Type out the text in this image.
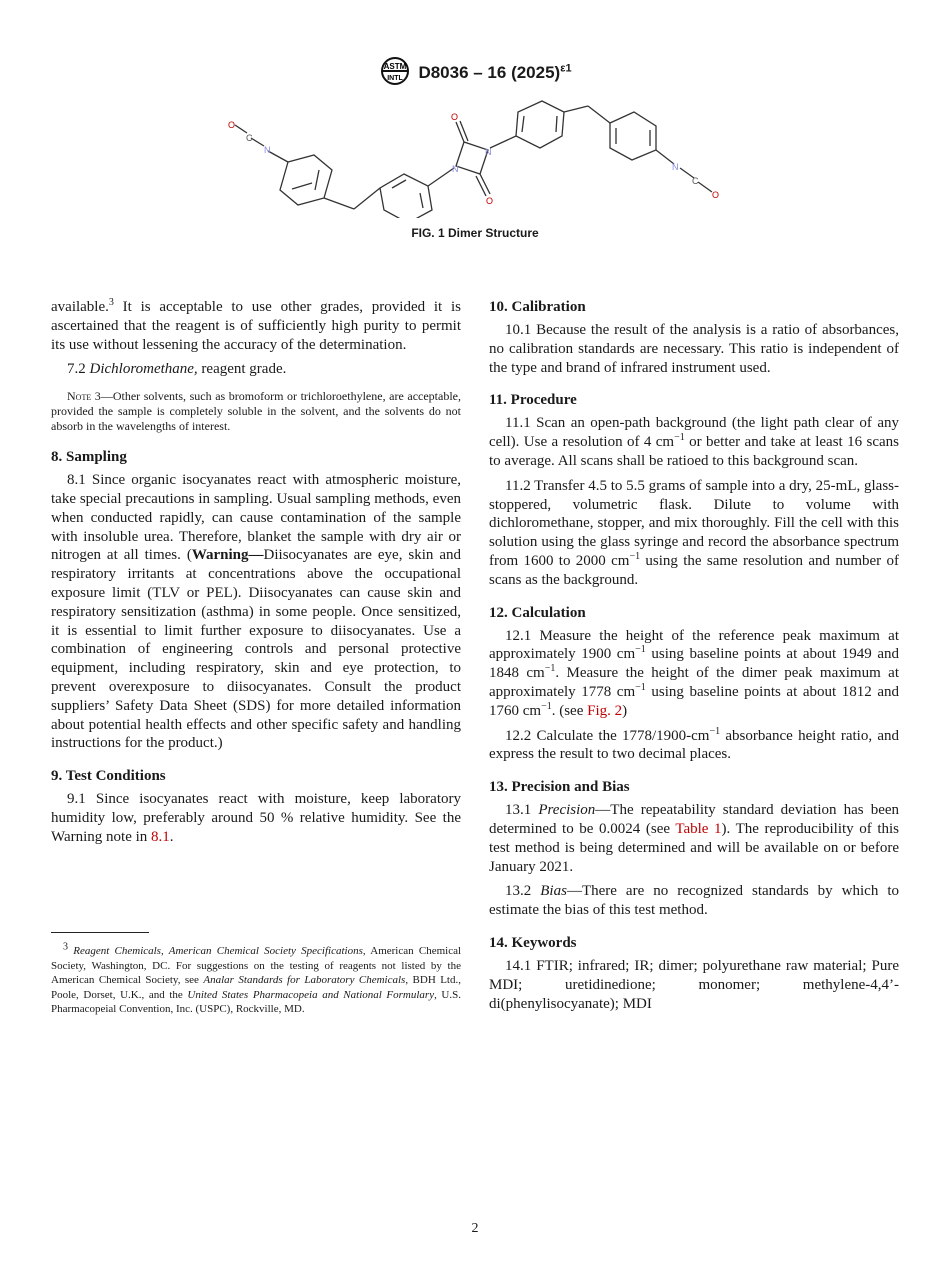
ASTM
INTL D8036 – 16 $(2025)^{\varepsilon 1}$
O
C
N
N
N
O
O
N
C
O
FIG. 1 Dimer Structure

available.$^3$ It is acceptable to use other grades, provided it is ascertained that the reagent is of sufficiently high purity to permit its use without lessening the accuracy of the determination.

7.2 Dichloromethane, reagent grade.

Note 3—Other solvents, such as bromoform or trichloroethylene, are acceptable, provided the sample is completely soluble in the solvent, and the solvents do not absorb in the wavelengths of interest.

8. Sampling

8.1 Since organic isocyanates react with atmospheric moisture, take special precautions in sampling. Usual sampling methods, even when conducted rapidly, can cause contamination of the sample with insoluble urea. Therefore, blanket the sample with dry air or nitrogen at all times. (Warning—Diisocyanates are eye, skin and respiratory irritants at concentrations above the occupational exposure limit (TLV or PEL). Diisocyanates can cause skin and respiratory sensitization (asthma) in some people. Once sensitized, it is essential to limit further exposure to diisocyanates. Use a combination of engineering controls and personal protective equipment, including respiratory, skin and eye protection, to prevent overexposure to diisocyanates. Consult the product suppliers’ Safety Data Sheet (SDS) for more detailed information about potential health effects and other specific safety and handling instructions for the product.)

9. Test Conditions

9.1 Since isocyanates react with moisture, keep laboratory humidity low, preferably around 50 % relative humidity. See the Warning note in 8.1.

$^3$ Reagent Chemicals, American Chemical Society Specifications, American Chemical Society, Washington, DC. For suggestions on the testing of reagents not listed by the American Chemical Society, see Analar Standards for Laboratory Chemicals, BDH Ltd., Poole, Dorset, U.K., and the United States Pharmacopeia and National Formulary, U.S. Pharmacopeial Convention, Inc. (USPC), Rockville, MD.
10. Calibration

10.1 Because the result of the analysis is a ratio of absorbances, no calibration standards are necessary. This ratio is independent of the type and brand of infrared instrument used.

11. Procedure

11.1 Scan an open-path background (the light path clear of any cell). Use a resolution of 4 $cm^{-1}$ or better and take at least 16 scans to average. All scans shall be ratioed to this background scan.

11.2 Transfer 4.5 to 5.5 grams of sample into a dry, 25-mL, glass-stoppered, volumetric flask. Dilute to volume with dichloromethane, stopper, and mix thoroughly. Fill the cell with this solution using the glass syringe and record the absorbance spectrum from 1600 to 2000 $cm^{-1}$ using the same resolution and number of scans as the background.

12. Calculation

12.1 Measure the height of the reference peak maximum at approximately 1900 $cm^{-1}$ using baseline points at about 1949 and 1848 $cm^{-1}$. Measure the height of the dimer peak maximum at approximately 1778 $cm^{-1}$ using baseline points at about 1812 and 1760 $cm^{-1}$. (see Fig. 2)

12.2 Calculate the $1778/1900-cm^{-1}$ absorbance height ratio, and express the result to two decimal places.

13. Precision and Bias

13.1 Precision—The repeatability standard deviation has been determined to be 0.0024 (see Table 1). The reproducibility of this test method is being determined and will be available on or before January 2021.

13.2 Bias—There are no recognized standards by which to estimate the bias of this test method.

14. Keywords

14.1 FTIR; infrared; IR; dimer; polyurethane raw material; Pure MDI; uretidinedione; monomer; methylene-4,4’- di(phenylisocyanate); MDI

2
